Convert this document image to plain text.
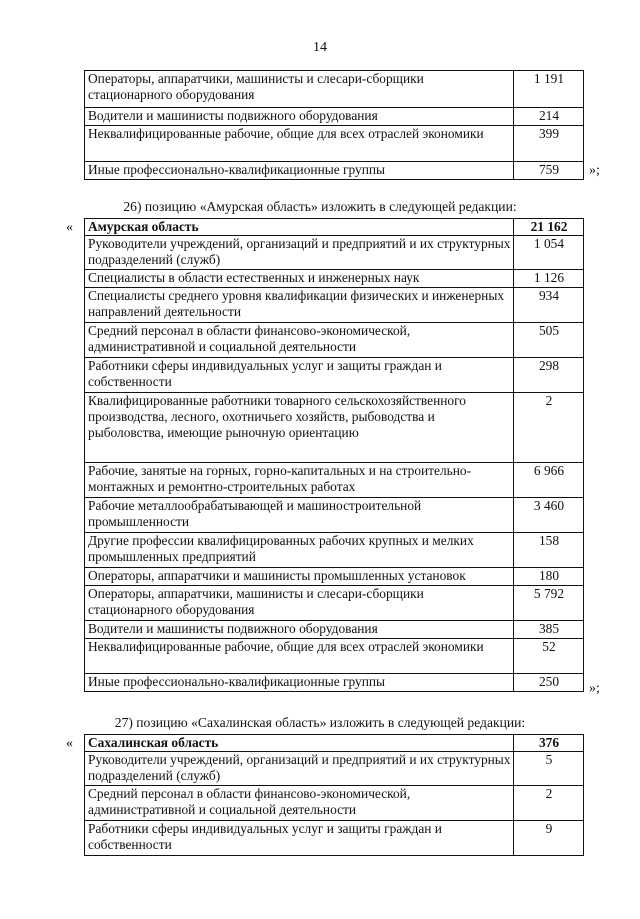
14
Операторы, аппаратчики, машинисты и слесари-сборщики стационарного оборудования	1 191
Водители и машинисты подвижного оборудования	214
Неквалифицированные рабочие, общие для всех отраслей экономики	399
Иные профессионально-квалификационные группы	759 »;
26) позицию «Амурская область» изложить в следующей редакции:
« Амурская область	21 162
Руководители учреждений, организаций и предприятий и их структурных подразделений (служб)	1 054
Специалисты в области естественных и инженерных наук	1 126
Специалисты среднего уровня квалификации физических и инженерных направлений деятельности	934
Средний персонал в области финансово-экономической, административной и социальной деятельности	505
Работники сферы индивидуальных услуг и защиты граждан и собственности	298
Квалифицированные работники товарного сельскохозяйственного производства, лесного, охотничьего хозяйств, рыбоводства и рыболовства, имеющие рыночную ориентацию	2
Рабочие, занятые на горных, горно-капитальных и на строительно-монтажных и ремонтно-строительных работах	6 966
Рабочие металлообрабатывающей и машиностроительной промышленности	3 460
Другие профессии квалифицированных рабочих крупных и мелких промышленных предприятий	158
Операторы, аппаратчики и машинисты промышленных установок	180
Операторы, аппаратчики, машинисты и слесари-сборщики стационарного оборудования	5 792
Водители и машинисты подвижного оборудования	385
Неквалифицированные рабочие, общие для всех отраслей экономики	52
Иные профессионально-квалификационные группы	250 »;
27) позицию «Сахалинская область» изложить в следующей редакции:
« Сахалинская область	376
Руководители учреждений, организаций и предприятий и их структурных подразделений (служб)	5
Средний персонал в области финансово-экономической, административной и социальной деятельности	2
Работники сферы индивидуальных услуг и защиты граждан и собственности	9
